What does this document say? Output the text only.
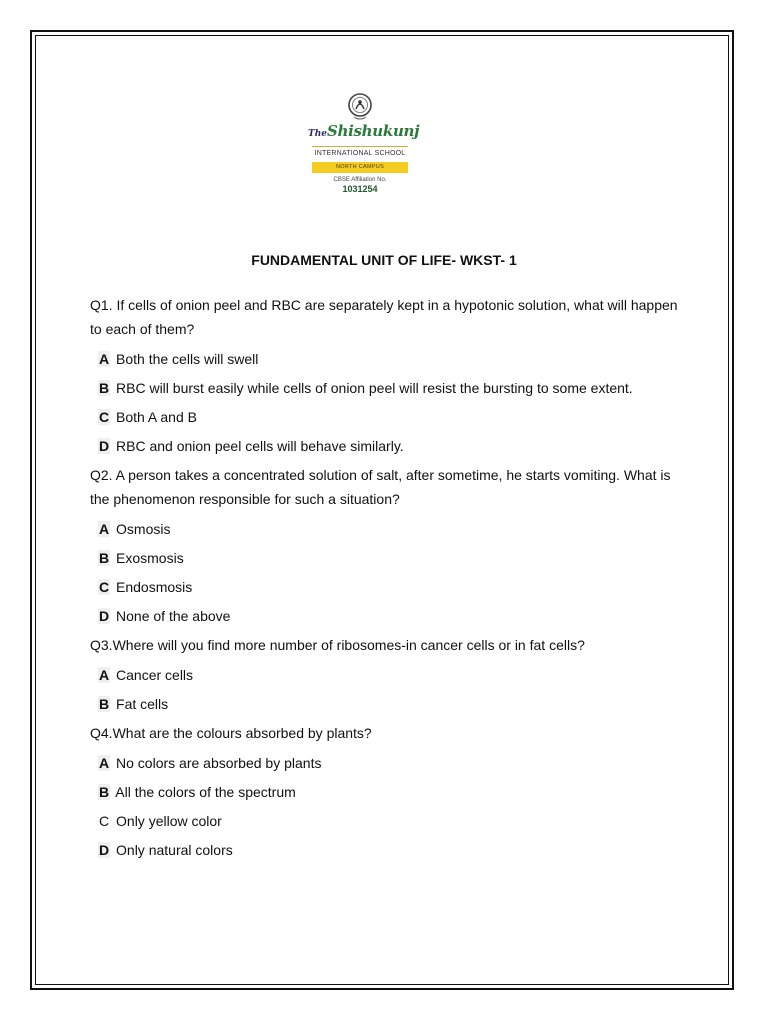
TheShishukunj
INTERNATIONAL SCHOOL
NORTH CAMPUS
CBSE Affiliation No.
1031254
FUNDAMENTAL UNIT OF LIFE- WKST- 1
Q1. If cells of onion peel and RBC are separately kept in a hypotonic solution, what will happen to each of them?
A Both the cells will swell
B RBC will burst easily while cells of onion peel will resist the bursting to some extent.
C Both A and B
D RBC and onion peel cells will behave similarly.
Q2. A person takes a concentrated solution of salt, after sometime, he starts vomiting. What is the phenomenon responsible for such a situation?
A Osmosis
B Exosmosis
C Endosmosis
D None of the above
Q3.Where will you find more number of ribosomes-in cancer cells or in fat cells?
A Cancer cells
B Fat cells
Q4.What are the colours absorbed by plants?
A No colors are absorbed by plants
B All the colors of the spectrum
C Only yellow color
D Only natural colors
